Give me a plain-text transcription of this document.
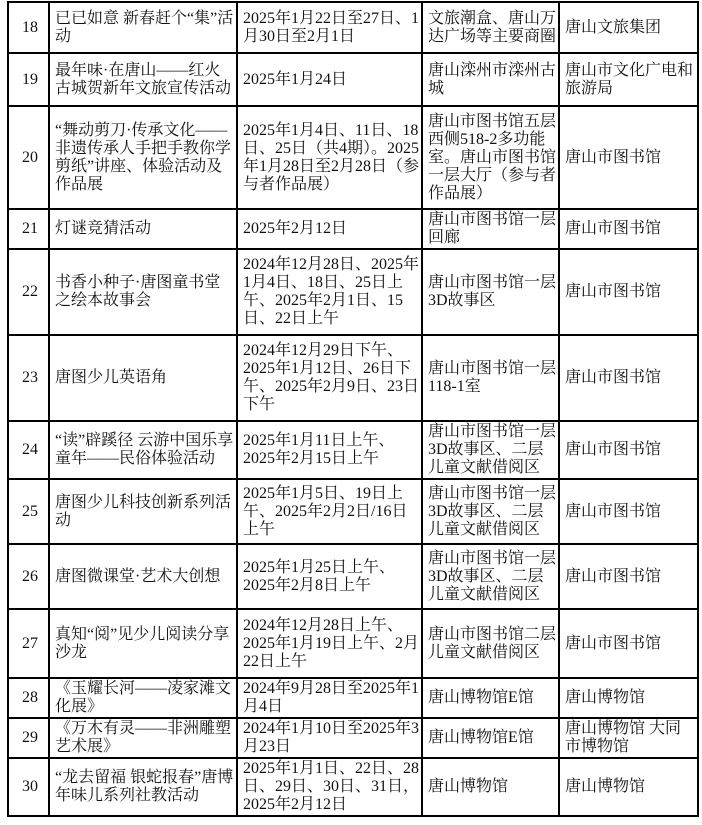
18	已已如意 新春赶个“集”活动	2025年1月22日至27日、1月30日至2月1日	文旅潮盒、唐山万达广场等主要商圈	唐山文旅集团
19	最年味·在唐山——红火古城贺新年文旅宣传活动	2025年1月24日	唐山滦州市滦州古城	唐山市文化广电和旅游局
20	“舞动剪刀·传承文化——非遗传承人手把手教你学剪纸”讲座、体验活动及作品展	2025年1月4日、11日、18日、25日（共4期）。2025年1月28日至2月28日（参与者作品展）	唐山市图书馆五层西侧518-2多功能室。唐山市图书馆一层大厅（参与者作品展）	唐山市图书馆
21	灯谜竞猜活动	2025年2月12日	唐山市图书馆一层回廊	唐山市图书馆
22	书香小种子·唐图童书堂之绘本故事会	2024年12月28日、2025年1月4日、18日、25日上午、2025年2月1日、15日、22日上午	唐山市图书馆一层3D故事区	唐山市图书馆
23	唐图少儿英语角	2024年12月29日下午、2025年1月12日、26日下午、2025年2月9日、23日下午	唐山市图书馆一层118-1室	唐山市图书馆
24	“读”辟蹊径 云游中国乐享童年——民俗体验活动	2025年1月11日上午、2025年2月15日上午	唐山市图书馆一层3D故事区、二层儿童文献借阅区	唐山市图书馆
25	唐图少儿科技创新系列活动	2025年1月5日、19日上午、2025年2月2日/16日上午	唐山市图书馆一层3D故事区、二层儿童文献借阅区	唐山市图书馆
26	唐图微课堂·艺术大创想	2025年1月25日上午、2025年2月8日上午	唐山市图书馆一层3D故事区、二层儿童文献借阅区	唐山市图书馆
27	真知“阅”见少儿阅读分享沙龙	2024年12月28日上午、2025年1月19日上午、2月22日上午	唐山市图书馆二层儿童文献借阅区	唐山市图书馆
28	《玉耀长河——凌家滩文化展》	2024年9月28日至2025年1月4日	唐山博物馆E馆	唐山博物馆
29	《万木有灵——非洲雕塑艺术展》	2024年1月10日至2025年3月23日	唐山博物馆E馆	唐山博物馆 大同市博物馆
30	“龙去留福 银蛇报春”唐博年味儿系列社教活动	2025年1月1日、22日、28日、29日、30日、31日，2025年2月12日	唐山博物馆	唐山博物馆
